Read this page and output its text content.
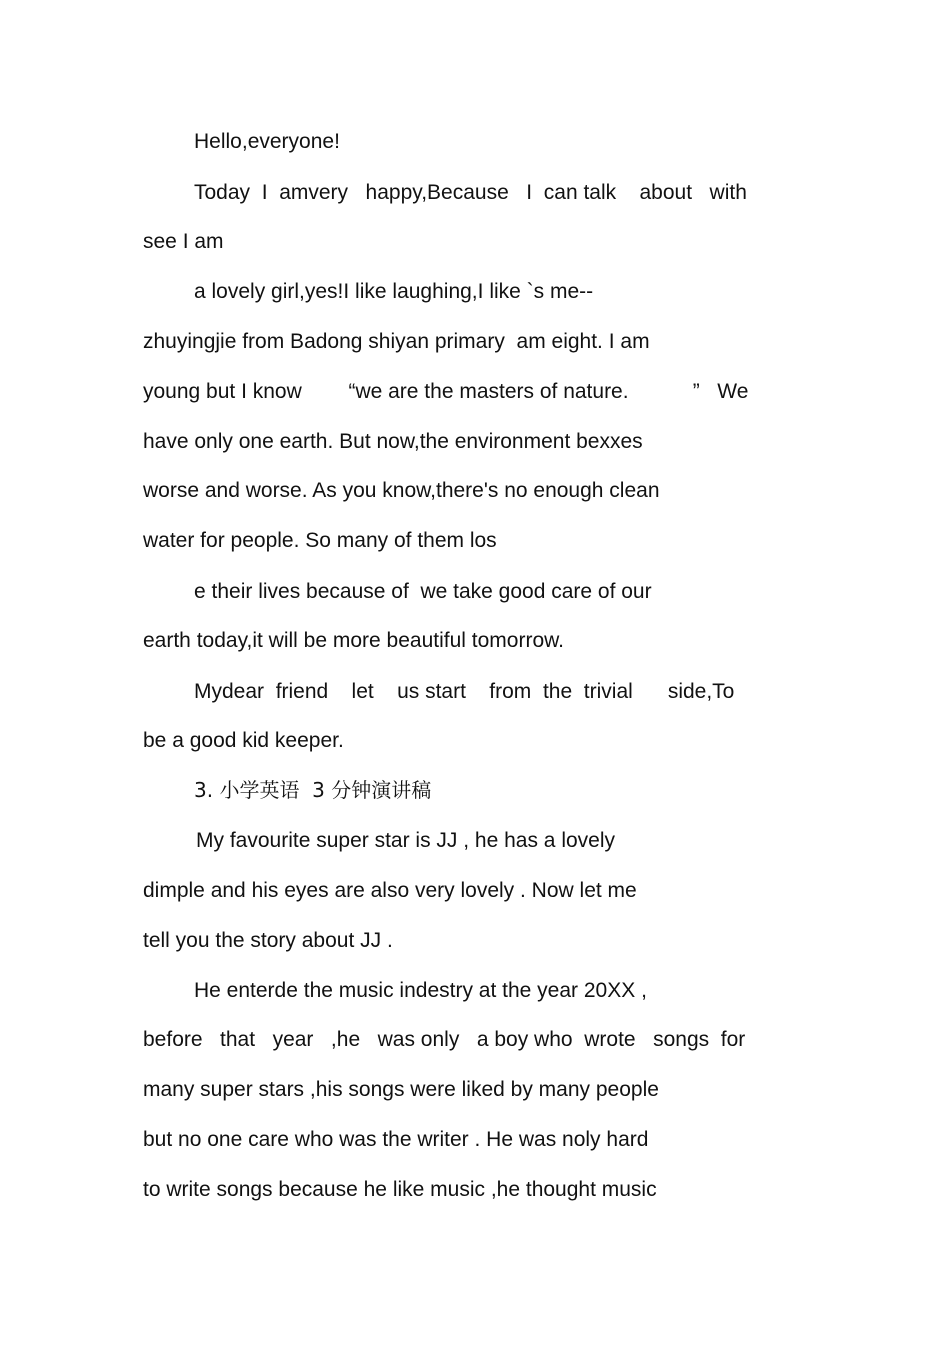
Hello,everyone!

Today  I  amvery   happy,Because   I  can talk    about   with

see I am

a lovely girl,yes!I like laughing,I like `s me--

zhuyingjie from Badong shiyan primary  am eight. I am

young but I know        “we are the masters of nature.           ”   We

have only one earth. But now,the environment bexxes

worse and worse. As you know,there's no enough clean

water for people. So many of them los

e their lives because of  we take good care of our

earth today,it will be more beautiful tomorrow.

Mydear  friend    let    us start    from  the  trivial      side,To

be a good kid keeper.

3. 小学英语  3 分钟演讲稿

My favourite super star is JJ , he has a lovely

dimple and his eyes are also very lovely . Now let me

tell you the story about JJ .

He enterde the music indestry at the year 20XX ,

before   that   year   ,he   was only   a boy who  wrote   songs  for

many super stars ,his songs were liked by many people

but no one care who was the writer . He was noly hard

to write songs because he like music ,he thought music
